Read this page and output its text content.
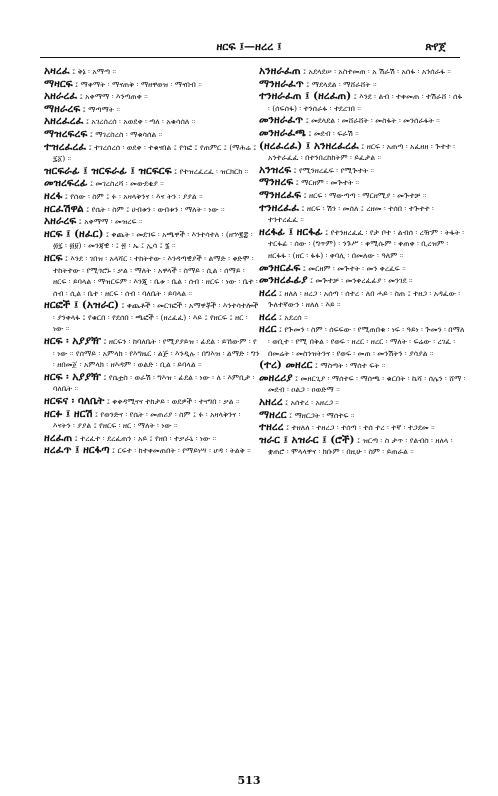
ዘርፍ ፤—ዘረረ ፤	ጽየጀ

አዛረፈ ፤ ቅኔ ፡ አማጣ ።

ማዛርፍ ፤ ማቀማት ፡ ማናጠቅ ፡ ማዘዋወዝ ፡ ማናበብ ።

አዘራረፈ ፤ አቀማማ ፡ እንጣጠቀ ።

ማዘራረፍ ፤ ማጣማት ።

አዘረፈረፈ ፤ አገረሰረሰ ፡ አወደቀ ፡ ጣለ ፡ አቁሳሰለ ።

ማዝረፍረፍ ፤ ማገረስረስ ፡ ማቁሳሰል ።

ተዝረፈረፈ ፤ ተገረሰረሰ ፡ ወደቀ ፡ ተቁናበል ፤ የጎፎ ፤ የጠምር ፤ (ማሕሬ ፤ ፯፩) ።

ዝርፍራፊ ፤ ዝርፍራፊ ፤ ዝርፍርፍ ፤ የተዝረፈረፈ ፡ ዝርክርክ ።

መዝረፍረፊ ፤ መገረስረሻ ፡ መውደቂያ ።

ዘረፋ ፤ የሰው ፡ ስም ፤ ፉ ፡ አዛላቅንና ፡ እና ትን ፡ ያያል ።

ዘርፈሽዋል ፤ የሴት ፡ ስም ፤ ሀብቱን ፡ ውበቱን ፡ ማለት ፡ ነው ።

አዘራረፍ ፤ አቀማማ ፡ መዝረፍ ።

ዘርፍ ፤ (ዘፈር) ፤ ቀጨት ፡ መደገፍ ፡ አጫዋች ፡ እንተሳተለ ፡ (ዘኍ፪፰ ፡ ፴፯ ፡ ፴፱) ፡ መንጃዊ ፡ ፤ ፳ ፡ ኤ ፤ ኢሳ ፤ ፮ ።

ዘርፍ ፤ እንደ ፡ ገበዝ ፡ አላሻር ፡ ተከትተው ፡ እንዳጣዊያች ፡ ልማድ ፡ ቀድሞ ፡ ተከትተው ፡ የሚጎሮኑ ፡ ቃል ፡ ማለት ፡ አዋላች ፡ ስማይ ፡ ሲል ፡ ሰማይ ፡ ዘርፍ ፡ ይባላል ፡ ማዝርፍም ፡ እንጂ ፡ ቤቱ ፡ ቤል ፡ ሰብ ፡ ዘርፍ ፡ ነው ፡ ቤተ ፡ ሰብ ፡ ሲል ፡ ቤተ ፡ ዘርፍ ፡ ሰብ ፡ ባለቤት ፡ ይባላል ።

ዘርፎች ፤ (አዝራር) ፤ ቀጨቶች ፡ መርገፎች ፡ አማዋቾች ፡ እንተሳተሎች ፡ ያንቀላፋ ፤ የቁርበ ፡ የደሰበ ፡ ጫፎች ፡ (ዘረፈፈ) ፡ እይ ፤ የዘርፍ ፤ ዘር ፡ ነው ።

ዘርፍ ፡ አያያዥ ፤ ዘርፍን ፡ ከባለቤት ፡ የሚያያይዝ ፡ ፊደል ፡ ይኸውም ፡ የ ፡ ነው ። የሰማይ ፡ አምላክ ፡ የእግዜር ፡ ልጅ ፡ እንዲሉ ፡ በግእዝ ፡ ልማድ ፡ ግን ፡ ዘበመጀ ፡ አምላክ ፡ ዘእዳም ፡ ወልድ ፡ ቢል ፡ ይባላል ።

ዘርፍ ፡ አያያዥ ፤ የሴቷስ ፡ ወራሽ ፡ ግእዝ ፡ ፊደል ፡ ነው ፡ ለ ፡ እምቢታ ፡ ባለቤት ።

ዘርፍና ፡ ባለቤት ፤ ቀቀዳሚናና ተከታይ ፡ ወደዎች ፡ ተናግበ ፡ ቃል ።

ዘርፉ ፤ ዘርሽ ፤ የወንድና ፡ የሴት ፡ መጠሪያ ፡ ስም ፤ ፉ ፡ አዛላቅንና ፡ እናትን ፡ ያያል ፤ የዘርፍ ፡ ዘር ፡ ማለት ፡ ነው ።

ዘረፈጠ ፤ ተረፈተ ፡ ደረፈጠን ፡ አይ ፤ የዘበ ፡ ተቃራኒ ፡ ነው ።

ዘረፈጥ ፤ ዘርፋጣ ፤ ርፍተ ፡ ከተቀመጠበት ፡ የማይነሣ ፡ ሆዳ ፡ ትልቅ ።

አንዘራፈጠ ፤ አደላደሠ ፡ አስተመጠ ፡ አ ሽራሽ ፡ አሰፋ ፡ አንሰራፋ ።

ማንዘራፈጥ ፤ ማደላደል ፡ ማሸራሸት ።

ተንዘራፈጠ ፤ (ዘረፈጠ) ፤ እንደ ፡ ልብ ፡ ተቀመጠ ፡ ተሽራሸ ፡ ሰፋ ፡ (ሰፍሰፋ) ፡ ተንሰራፋ ፡ ተደረገበ ።

መንዘራፈጥ ፤ መደላደል ፡ መሸራሸት ፡ መስፋት ፡ መንሰራፋት ።

መንዘራፈጫ ፤ መደብ ፡ ፍራሽ ።

(ዘረፈረፈ) ፤ አንዘረፈረፈ ፤ ዘርፍ ፡ አጠጣ ፡ አፈዘዘ ፡ ጕተተ ፡ አንተራፈፈ ፡ በተንበረከከትም ፡ ይፈታል ።

አንዝረፍ ፤ የሚንዘረፈፍ ፡ የሚጕተት ።

ማንዘረፍ ፤ ማርዘም ፡ መጕተት ።

ማንዘረፈፍ ፤ ዘርፍ ፡ ማውጣጣ ፡ ማርዘሚያ ፡ መጕተቻ ።

ተንዘረፈፈ ፤ ዘርፍ ፡ ሽን ፡ መሰለ ፤ ረዘመ ፡ ተሰበ ፡ ተጕተተ ፡ ተንተረፈፈ ።

ዘረፋፊ ፤ ዘርፋፊ ፤ የተንዘረፈፈ ፡ የታ ቦተ ፡ ልብሰ ፡ ረዥም ፡ ትፋት ፡ ተርፋፊ ፡ ሰው ፡ (ግጥም) ፡ ንጉሥ ፡ ቀሚሱም ፡ ቀጠቀ ፡ ቢረዝም ፡ ዘርፋፋ ፡ (ዘር ፡ ፋፋ) ፡ ቀባሊ ፡ በመለው ፡ ዓለም ።

መንዘርፈፍ ፤ መርዘም ፡ መጕተት ፡ መን ቀረፈፍ ።

መንዘረፈፊያ ፤ መጕተቻ ፡ መንቀረፈፊያ ፡ መንገደ ።

ዘረረ ፤ ዘለለ ፡ ዘረጋ ፡ አሰጣ ፡ ሰተረ ፡ ለበ ሓይ ፡ ስጠ ፤ ተዘጋ ፡ አዳፈው ፡ ጕለተኛውን ፡ ዘለለ ፡ እይ ።

ዘረረ ፤ አደረሰ ።

ዘረር ፤ የጕመን ፡ ስም ፡ ሰፍፍው ፡ የሚጠበቁ ፡ ነፍ ፡ ዓይነ ፡ ጕመን ፡ በማለ ፡ ወቢተ ፡ የሚ በቅል ፡ የወፍ ፡ ዘረር ፡ ዘረር ፡ ማለት ፡ ፍሬው ፡ ረገፈ ፡ በመሬት ፡ መስንዝትንና ፡ የወፍ ፡ መጠ ፡ መንሽትን ፡ ያሳያል ።

(ተረ) መዘረር ፤ ማስጣት ፡ ማሰተ ፍት ።

መዘረሪያ ፤ መዘርጊያ ፡ ማሰተፍ ፡ ማሰጫ ፡ ቁርበት ፡ ኬሻ ፡ ሰሌን ፡ ሸማ ፡ መደብ ፡ ዐልጋ ፡ ዐወድማ ።

አዘረረ ፤ አሰተረ ፡ አዘረጋ ።

ማዘረር ፤ ማዘርጋት ፡ ማሰተፍ ።

ተዘረረ ፤ ተዘለለ ፡ ተዘረጋ ፡ ተሰጣ ፡ ተሰ ተረ ፡ ተኛ ፡ ተጋደመ ።

ዝራር ፤ አዝራር ፤ (ሮች) ፤ ዝርጣ ፡ ስ ታጥ ፡ የልብስ ፡ ዘለላ ፡ ቋጠሮ ፡ ሞላላዋና ፡ ክቡም ፡ በዚሁ ፡ ስም ፡ ይጠራል ።

513
